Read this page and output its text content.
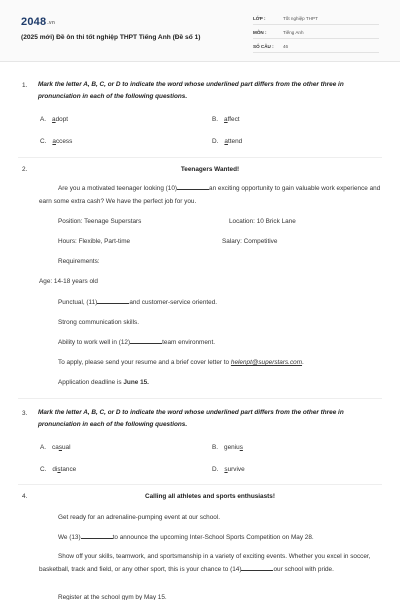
2048.vn
(2025 mới) Đề ôn thi tốt nghiệp THPT Tiếng Anh (Đề số 1)
LỚP :	Tốt nghiệp THPT
MÔN :	Tiếng Anh
SỐ CÂU : 46
1. Mark the letter A, B, C, or D to indicate the word whose underlined part differs from the other three in pronunciation in each of the following questions.
A. adopt	B. affect
C. access	D. attend
2.	Teenagers Wanted!
Are you a motivated teenager looking (10)	an exciting opportunity to gain valuable work experience and earn some extra cash? We have the perfect job for you.
Position: Teenage Superstars	Location: 10 Brick Lane
Hours: Flexible, Part-time	Salary: Competitive
Requirements:
Age: 14-18 years old
Punctual, (11)	and customer-service oriented.
Strong communication skills.
Ability to work well in (12)	team environment.
To apply, please send your resume and a brief cover letter to helenpt@superstars.com.
Application deadline is June 15.
3. Mark the letter A, B, C, or D to indicate the word whose underlined part differs from the other three in pronunciation in each of the following questions.
A. casual	B. genius
C. distance	D. survive
4.	Calling all athletes and sports enthusiasts!
Get ready for an adrenaline-pumping event at our school.
We (13)	to announce the upcoming Inter-School Sports Competition on May 28.
Show off your skills, teamwork, and sportsmanship in a variety of exciting events. Whether you excel in soccer, basketball, track and field, or any other sport, this is your chance to (14)	our school with pride.
Register at the school gym by May 15.
